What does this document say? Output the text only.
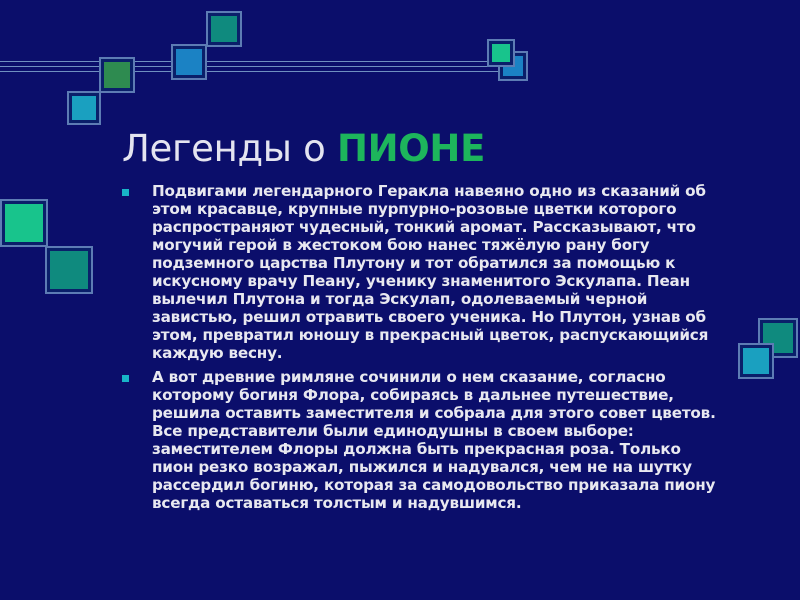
Легенды о ПИОНЕ
Подвигами легендарного Геракла навеяно одно из сказаний об этом красавце, крупные пурпурно-розовые цветки которого распространяют чудесный, тонкий аромат. Рассказывают, что могучий герой в жестоком бою нанес тяжёлую рану богу подземного царства Плутону и тот обратился за помощью к искусному врачу Пеану, ученику знаменитого Эскулапа. Пеан вылечил Плутона и тогда Эскулап, одолеваемый черной завистью, решил отравить своего ученика. Но Плутон, узнав об этом, превратил юношу в прекрасный цветок, распускающийся каждую весну.
А вот древние римляне сочинили о нем сказание, согласно которому богиня Флора, собираясь в дальнее путешествие, решила оставить заместителя и собрала для этого совет цветов. Все представители были единодушны в своем выборе: заместителем Флоры должна быть прекрасная роза. Только пион резко возражал, пыжился и надувался, чем не на шутку рассердил богиню, которая за самодовольство приказала пиону всегда оставаться толстым и надувшимся.
